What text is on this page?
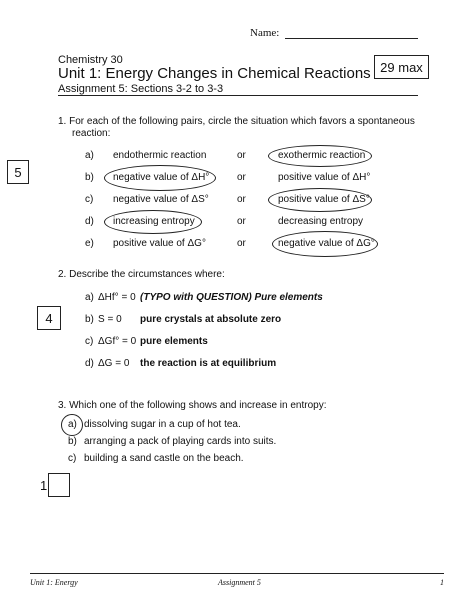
Name:
Chemistry 30
Unit 1: Energy Changes in Chemical Reactions
Assignment 5: Sections 3-2 to 3-3
29 max
1. For each of the following pairs, circle the situation which favors a spontaneous
reaction:
5
a) endothermic reaction	or	exothermic reaction
b) negative value of ΔH°	or	positive value of ΔH°
c) negative value of ΔS°	or	positive value of ΔS°
d) increasing entropy	or	decreasing entropy
e) positive value of ΔG°	or	negative value of ΔG°
2. Describe the circumstances where:
4
a) ΔHf° = 0 (TYPO with QUESTION) Pure elements
b) S = 0 pure crystals at absolute zero
c) ΔGf° = 0 pure elements
d) ΔG = 0 the reaction is at equilibrium
3. Which one of the following shows and increase in entropy:
a) dissolving sugar in a cup of hot tea.
b) arranging a pack of playing cards into suits.
c) building a sand castle on the beach.
1
Unit 1: Energy	Assignment 5	1
